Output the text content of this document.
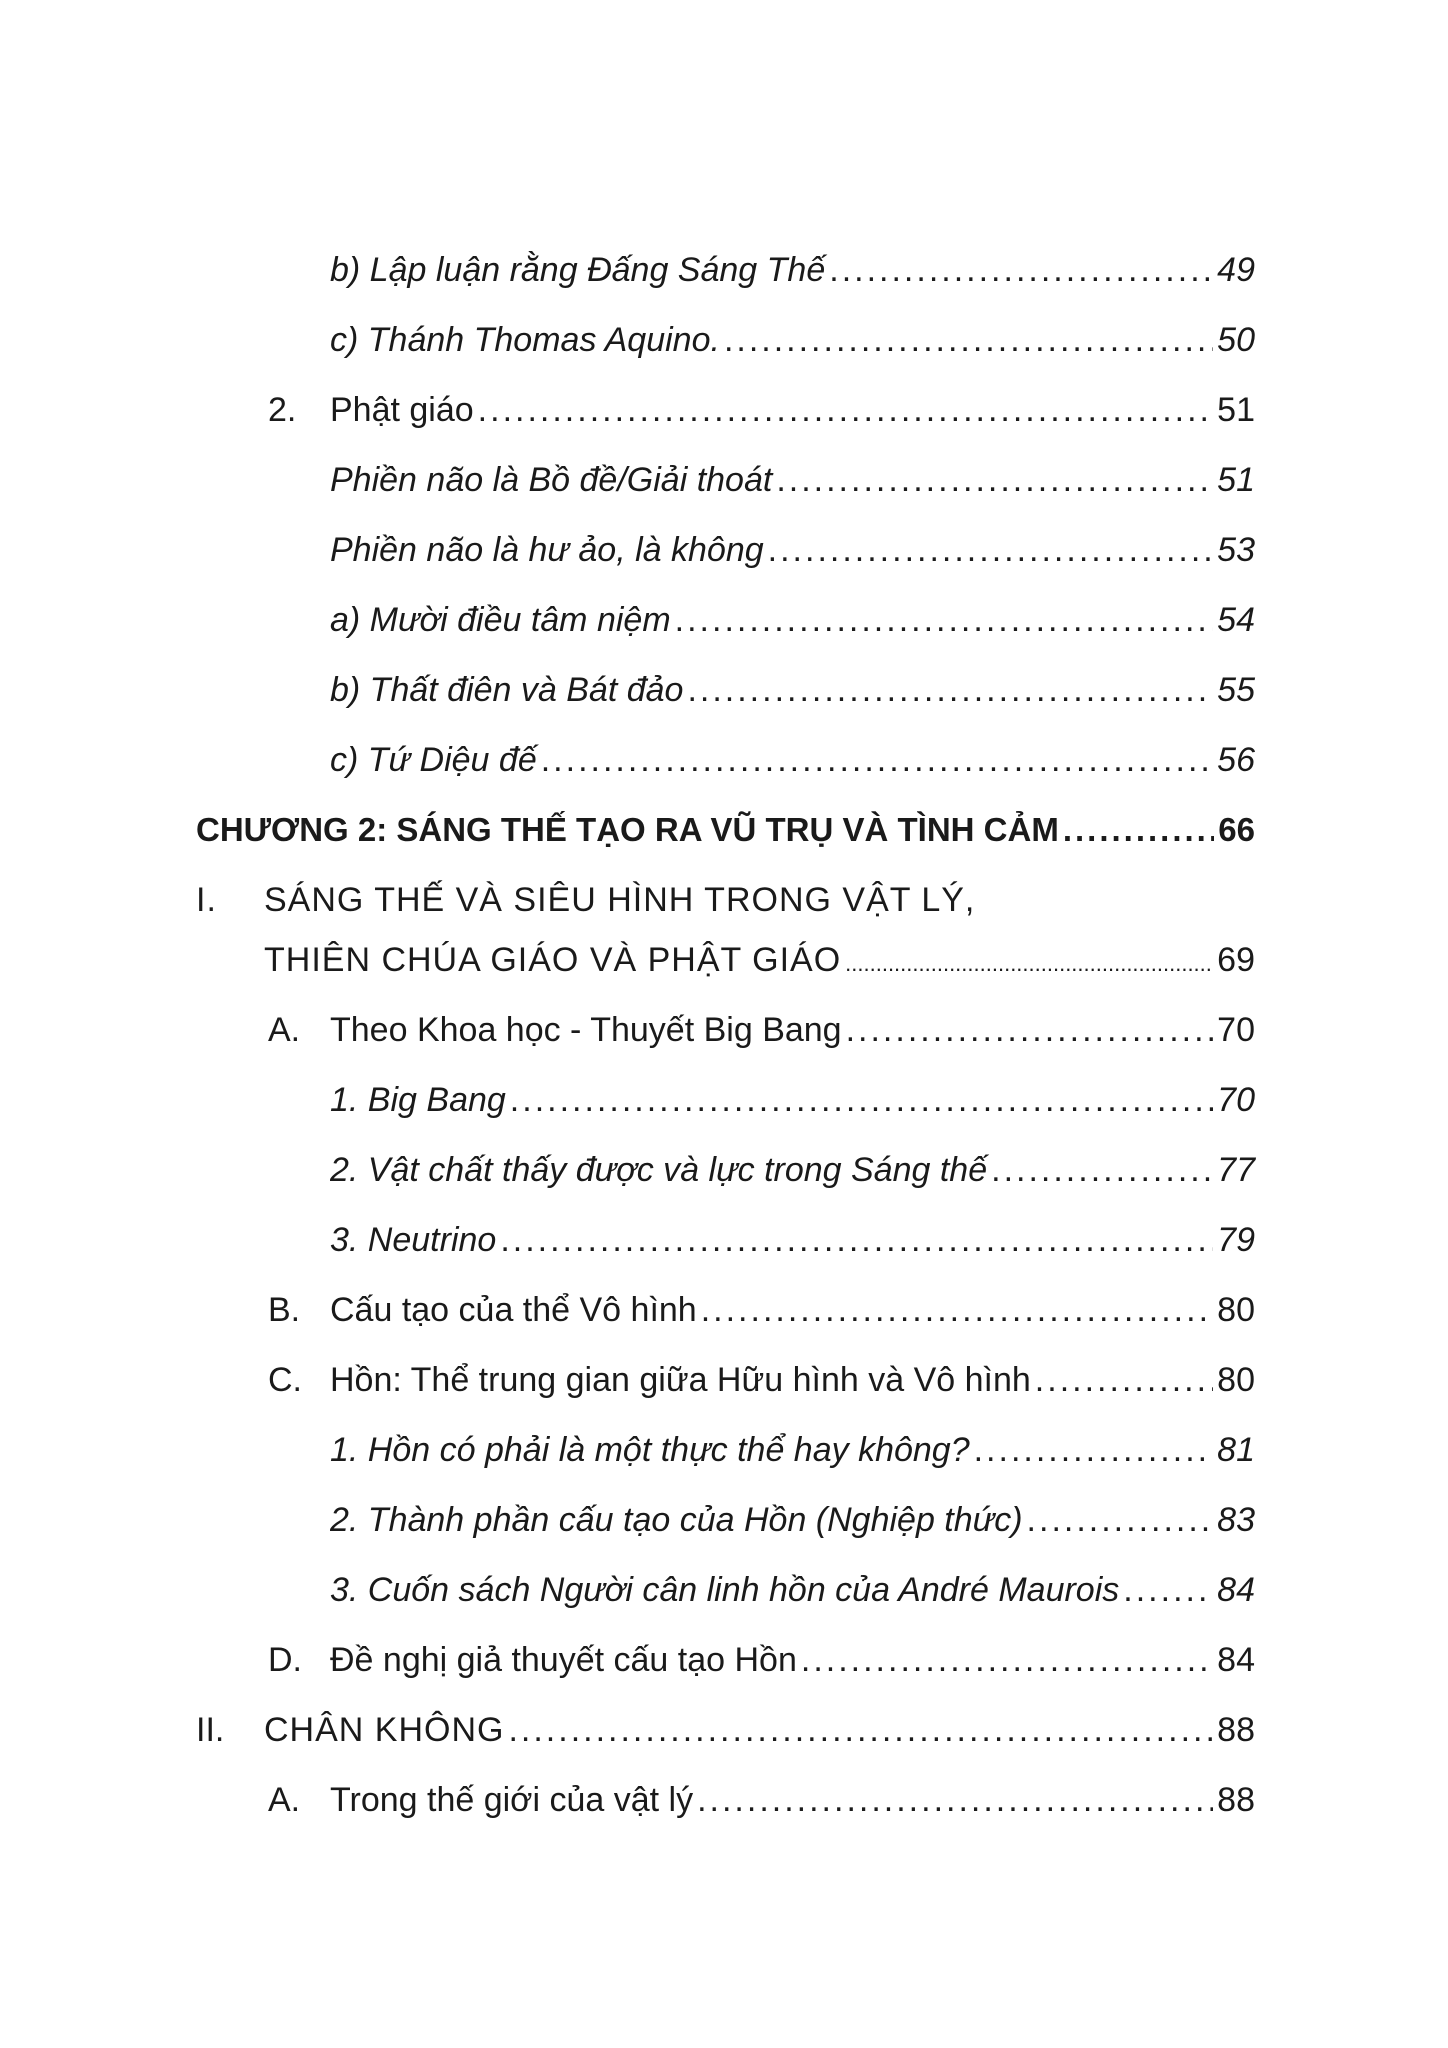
b) Lập luận rằng Đấng Sáng Thế .....	49
c) Thánh Thomas Aquino. .....	50
2. Phật giáo .....	51
Phiền não là Bồ đề/Giải thoát .....	51
Phiền não là hư ảo, là không .....	53
a) Mười điều tâm niệm .....	54
b) Thất điên và Bát đảo .....	55
c) Tứ Diệu đế .....	56
CHƯƠNG 2: SÁNG THẾ TẠO RA VŨ TRỤ VÀ TÌNH CẢM .....	66
I. SÁNG THẾ VÀ SIÊU HÌNH TRONG VẬT LÝ,
THIÊN CHÚA GIÁO VÀ PHẬT GIÁO .....	69
A. Theo Khoa học - Thuyết Big Bang .....	70
1. Big Bang .....	70
2. Vật chất thấy được và lực trong Sáng thế .....	77
3. Neutrino .....	79
B. Cấu tạo của thể Vô hình .....	80
C. Hồn: Thể trung gian giữa Hữu hình và Vô hình .....	80
1. Hồn có phải là một thực thể hay không? .....	81
2. Thành phần cấu tạo của Hồn (Nghiệp thức) .....	83
3. Cuốn sách Người cân linh hồn của André Maurois .....	84
D. Đề nghị giả thuyết cấu tạo Hồn .....	84
II.	CHÂN KHÔNG .....	88
A. Trong thế giới của vật lý .....	88
